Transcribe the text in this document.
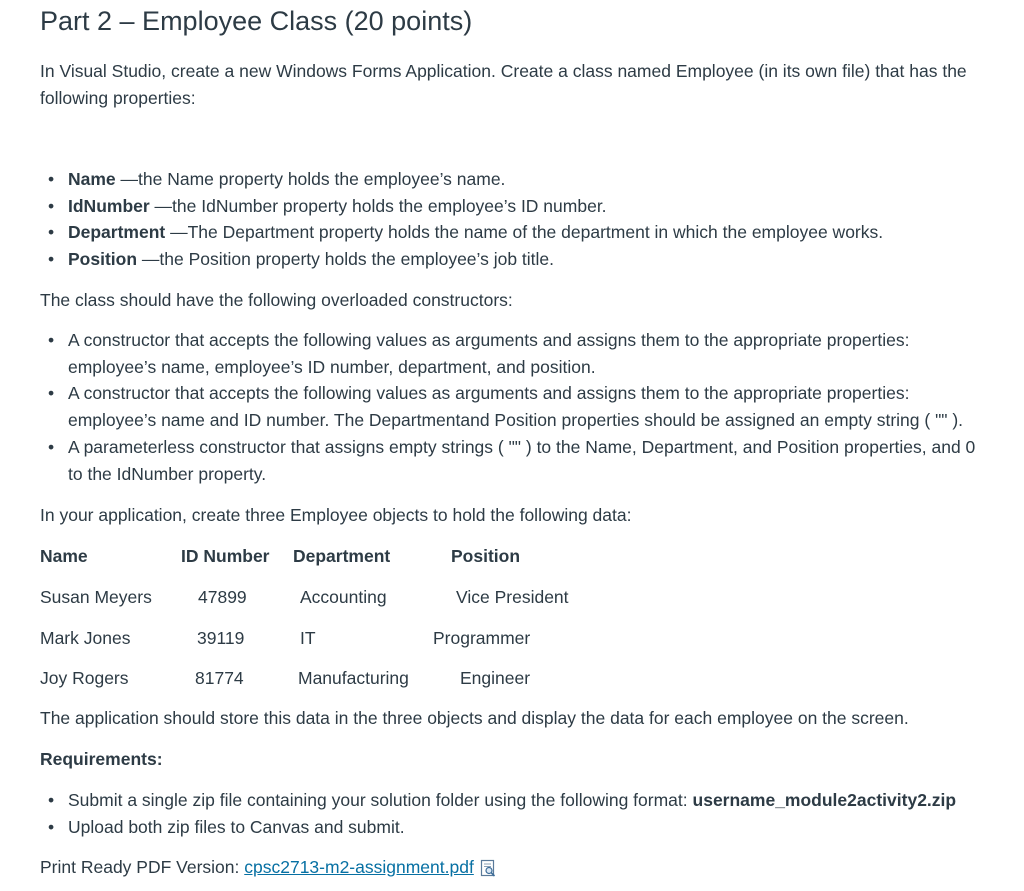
Part 2 – Employee Class (20 points)
In Visual Studio, create a new Windows Forms Application. Create a class named Employee (in its own file) that has the
following properties:
• Name —the Name property holds the employee’s name.
• IdNumber —the IdNumber property holds the employee’s ID number.
• Department —The Department property holds the name of the department in which the employee works.
• Position —the Position property holds the employee’s job title.
The class should have the following overloaded constructors:
• A constructor that accepts the following values as arguments and assigns them to the appropriate properties:
employee’s name, employee’s ID number, department, and position.
• A constructor that accepts the following values as arguments and assigns them to the appropriate properties:
employee’s name and ID number. The Departmentand Position properties should be assigned an empty string ( "" ).
• A parameterless constructor that assigns empty strings ( "" ) to the Name, Department, and Position properties, and 0
to the IdNumber property.
In your application, create three Employee objects to hold the following data:
Name	ID Number Department	Position
Susan Meyers	47899	Accounting	Vice President
Mark Jones	39119	IT	Programmer
Joy Rogers	81774	Manufacturing	Engineer
The application should store this data in the three objects and display the data for each employee on the screen.
Requirements:
• Submit a single zip file containing your solution folder using the following format: username_module2activity2.zip
• Upload both zip files to Canvas and submit.
Print Ready PDF Version: cpsc2713-m2-assignment.pdf
